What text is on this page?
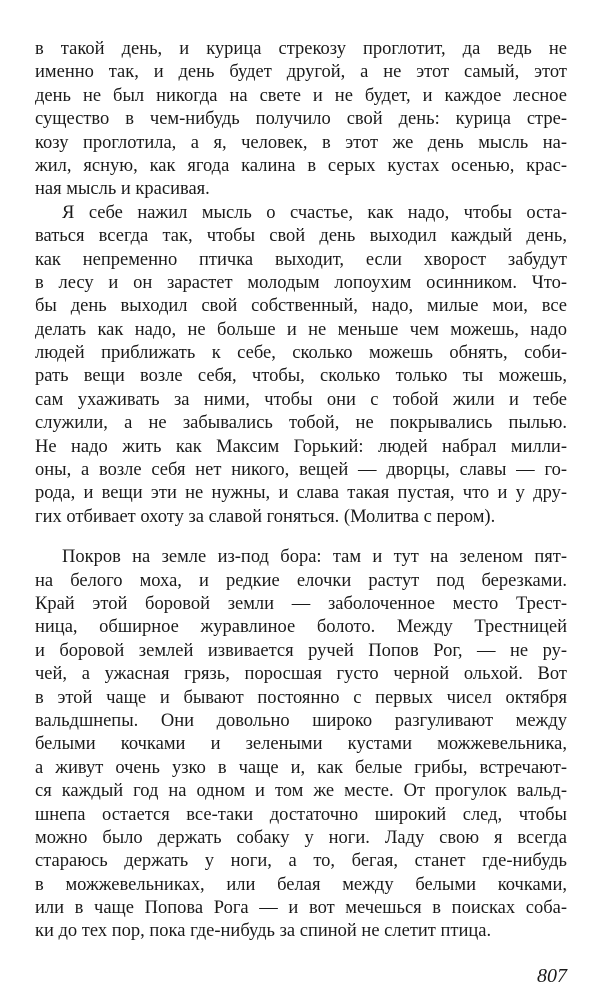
в такой день, и курица стрекозу проглотит, да ведь не
именно так, и день будет другой, а не этот самый, этот
день не был никогда на свете и не будет, и каждое лесное
существо в чем-нибудь получило свой день: курица стре-
козу проглотила, а я, человек, в этот же день мысль на-
жил, ясную, как ягода калина в серых кустах осенью, крас-
ная мысль и красивая.
Я себе нажил мысль о счастье, как надо, чтобы оста-
ваться всегда так, чтобы свой день выходил каждый день,
как непременно птичка выходит, если хворост забудут
в лесу и он зарастет молодым лопоухим осинником. Что-
бы день выходил свой собственный, надо, милые мои, все
делать как надо, не больше и не меньше чем можешь, надо
людей приближать к себе, сколько можешь обнять, соби-
рать вещи возле себя, чтобы, сколько только ты можешь,
сам ухаживать за ними, чтобы они с тобой жили и тебе
служили, а не забывались тобой, не покрывались пылью.
Не надо жить как Максим Горький: людей набрал милли-
оны, а возле себя нет никого, вещей — дворцы, славы — го-
рода, и вещи эти не нужны, и слава такая пустая, что и у дру-
гих отбивает охоту за славой гоняться. (Молитва с пером).
Покров на земле из-под бора: там и тут на зеленом пят-
на белого моха, и редкие елочки растут под березками.
Край этой боровой земли — заболоченное место Трест-
ница, обширное журавлиное болото. Между Трестницей
и боровой землей извивается ручей Попов Рог, — не ру-
чей, а ужасная грязь, поросшая густо черной ольхой. Вот
в этой чаще и бывают постоянно с первых чисел октября
вальдшнепы. Они довольно широко разгуливают между
белыми кочками и зелеными кустами можжевельника,
а живут очень узко в чаще и, как белые грибы, встречают-
ся каждый год на одном и том же месте. От прогулок вальд-
шнепа остается все-таки достаточно широкий след, чтобы
можно было держать собаку у ноги. Ладу свою я всегда
стараюсь держать у ноги, а то, бегая, станет где-нибудь
в можжевельниках, или белая между белыми кочками,
или в чаще Попова Рога — и вот мечешься в поисках соба-
ки до тех пор, пока где-нибудь за спиной не слетит птица.
807
